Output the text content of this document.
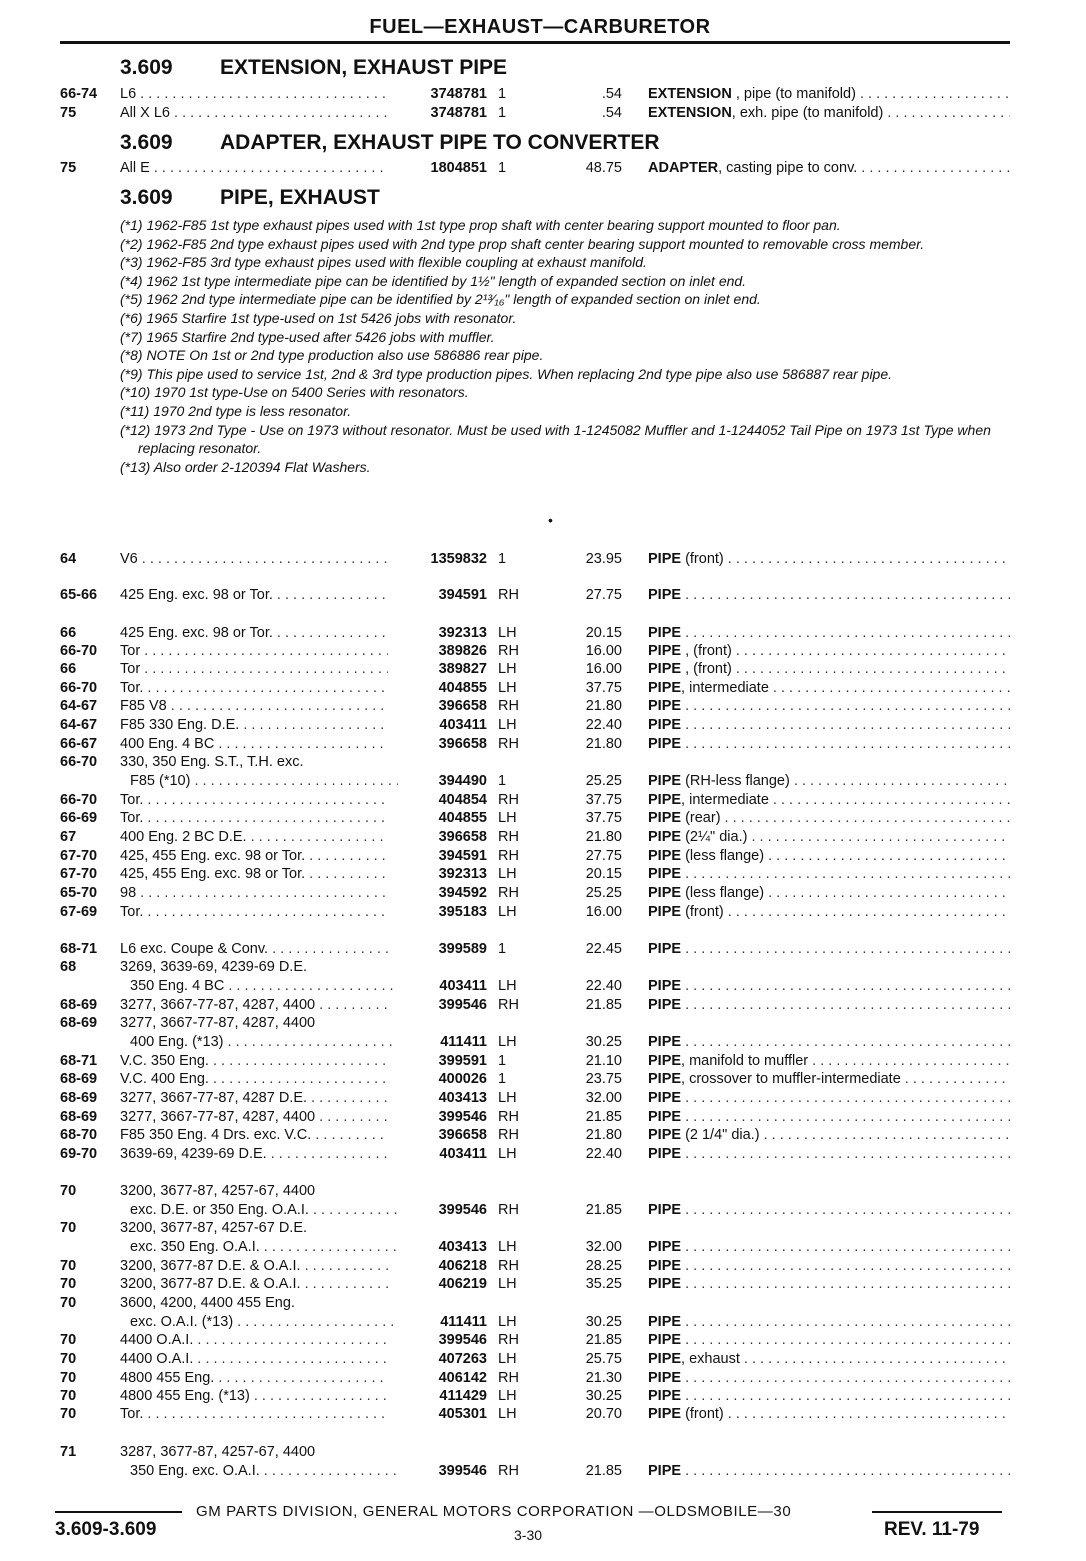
FUEL—EXHAUST—CARBURETOR
3.609 EXTENSION, EXHAUST PIPE
66-74 L6 . . .	3748781 1	.54 EXTENSION , pipe (to manifold) . . .
75	All X L6 . . .	3748781 1	.54 EXTENSION, exh. pipe (to manifold) . . .
3.609 ADAPTER, EXHAUST PIPE TO CONVERTER
75	All E . . .	1804851 1	48.75 ADAPTER, casting pipe to conv. . . .
3.609 PIPE, EXHAUST
(*1) 1962-F85 1st type exhaust pipes used with 1st type prop shaft with center bearing support mounted to floor pan.
(*2) 1962-F85 2nd type exhaust pipes used with 2nd type prop shaft center bearing support mounted to removable cross member.
(*3) 1962-F85 3rd type exhaust pipes used with flexible coupling at exhaust manifold.
(*4) 1962 1st type intermediate pipe can be identified by 1½" length of expanded section on inlet end.
(*5) 1962 2nd type intermediate pipe can be identified by 2¹³⁄₁₆" length of expanded section on inlet end.
(*6) 1965 Starfire 1st type-used on 1st 5426 jobs with resonator.
(*7) 1965 Starfire 2nd type-used after 5426 jobs with muffler.
(*8) NOTE On 1st or 2nd type production also use 586886 rear pipe.
(*9) This pipe used to service 1st, 2nd & 3rd type production pipes. When replacing 2nd type pipe also use 586887 rear pipe.
(*10) 1970 1st type-Use on 5400 Series with resonators.
(*11) 1970 2nd type is less resonator.
(*12) 1973 2nd Type - Use on 1973 without resonator. Must be used with 1-1245082 Muffler and 1-1244052 Tail Pipe on 1973 1st Type when replacing resonator.
(*13) Also order 2-120394 Flat Washers.
•
64	V6 . . .	1359832 1	23.95 PIPE (front) . . .
65-66 425 Eng. exc. 98 or Tor. . . .	394591 RH	27.75 PIPE . . .
66	425 Eng. exc. 98 or Tor. . . .	392313 LH	20.15 PIPE . . .
66-70 Tor . . .	389826 RH	16.00 PIPE , (front) . . .
66	Tor . . .	389827 LH	16.00 PIPE , (front) . . .
66-70 Tor. . . .	404855 LH	37.75 PIPE, intermediate . . .
64-67 F85 V8 . . .	396658 RH	21.80 PIPE . . .
64-67 F85 330 Eng. D.E. . . .	403411 LH	22.40 PIPE . . .
66-67 400 Eng. 4 BC . . .	396658 RH	21.80 PIPE . . .
66-70 330, 350 Eng. S.T., T.H. exc.
F85 (*10) . . .	394490 1	25.25 PIPE (RH-less flange) . . .
66-70 Tor. . . .	404854 RH	37.75 PIPE, intermediate . . .
66-69 Tor. . . .	404855 LH	37.75 PIPE (rear) . . .
67	400 Eng. 2 BC D.E. . . .	396658 RH	21.80 PIPE (2¼" dia.) . . .
67-70 425, 455 Eng. exc. 98 or Tor. . . .	394591 RH	27.75 PIPE (less flange) . . .
67-70 425, 455 Eng. exc. 98 or Tor. . . .	392313 LH	20.15 PIPE . . .
65-70 98 . . .	394592 RH	25.25 PIPE (less flange) . . .
67-69 Tor. . . .	395183 LH	16.00 PIPE (front) . . .
68-71 L6 exc. Coupe & Conv. . . .	399589 1	22.45 PIPE . . .
68	3269, 3639-69, 4239-69 D.E.
350 Eng. 4 BC . . .	403411 LH	22.40 PIPE . . .
68-69 3277, 3667-77-87, 4287, 4400 . . .	399546 RH	21.85 PIPE . . .
68-69 3277, 3667-77-87, 4287, 4400
400 Eng. (*13) . . .	411411 LH	30.25 PIPE . . .
68-71 V.C. 350 Eng. . . .	399591 1	21.10 PIPE, manifold to muffler . . .
68-69 V.C. 400 Eng. . . .	400026 1	23.75 PIPE, crossover to muffler-intermediate . . .
68-69 3277, 3667-77-87, 4287 D.E. . . .	403413 LH	32.00 PIPE . . .
68-69 3277, 3667-77-87, 4287, 4400 . . .	399546 RH	21.85 PIPE . . .
68-70 F85 350 Eng. 4 Drs. exc. V.C. . . .	396658 RH	21.80 PIPE (2 1/4" dia.) . . .
69-70 3639-69, 4239-69 D.E. . . .	403411 LH	22.40 PIPE . . .
70	3200, 3677-87, 4257-67, 4400
exc. D.E. or 350 Eng. O.A.I. . . .	399546 RH	21.85 PIPE . . .
70	3200, 3677-87, 4257-67 D.E.
exc. 350 Eng. O.A.I. . . .	403413 LH	32.00 PIPE . . .
70	3200, 3677-87 D.E. & O.A.I. . . .	406218 RH	28.25 PIPE . . .
70	3200, 3677-87 D.E. & O.A.I. . . .	406219 LH	35.25 PIPE . . .
70	3600, 4200, 4400 455 Eng.
exc. O.A.I. (*13) . . .	411411 LH	30.25 PIPE . . .
70	4400 O.A.I. . . .	399546 RH	21.85 PIPE . . .
70	4400 O.A.I. . . .	407263 LH	25.75 PIPE, exhaust . . .
70	4800 455 Eng. . . .	406142 RH	21.30 PIPE . . .
70	4800 455 Eng. (*13) . . .	411429 LH	30.25 PIPE . . .
70	Tor. . . .	405301 LH	20.70 PIPE (front) . . .
71	3287, 3677-87, 4257-67, 4400
350 Eng. exc. O.A.I. . . .	399546 RH	21.85 PIPE . . .
GM PARTS DIVISION, GENERAL MOTORS CORPORATION —OLDSMOBILE—30
3.609-3.609	3-30	REV. 11-79
